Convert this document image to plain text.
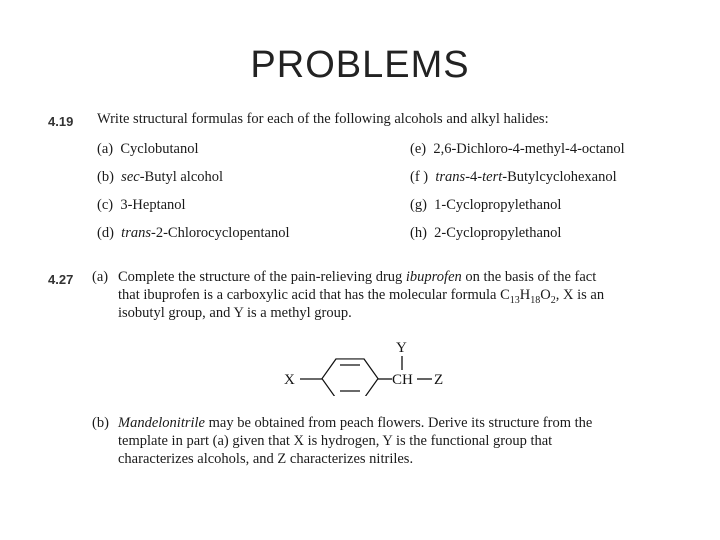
PROBLEMS
4.19 Write structural formulas for each of the following alcohols and alkyl halides:
(a) Cyclobutanol
(b) sec-Butyl alcohol
(c) 3-Heptanol
(d) trans-2-Chlorocyclopentanol
(e) 2,6-Dichloro-4-methyl-4-octanol
(f ) trans-4-tert-Butylcyclohexanol
(g) 1-Cyclopropylethanol
(h) 2-Cyclopropylethanol
4.27 (a) Complete the structure of the pain-relieving drug ibuprofen on the basis of the fact
that ibuprofen is a carboxylic acid that has the molecular formula $C_{13}H_{18}O_2$, X is an
isobutyl group, and Y is a methyl group.
X	CH
Y
Z
(b) Mandelonitrile may be obtained from peach flowers. Derive its structure from the
template in part (a) given that X is hydrogen, Y is the functional group that
characterizes alcohols, and Z characterizes nitriles.
